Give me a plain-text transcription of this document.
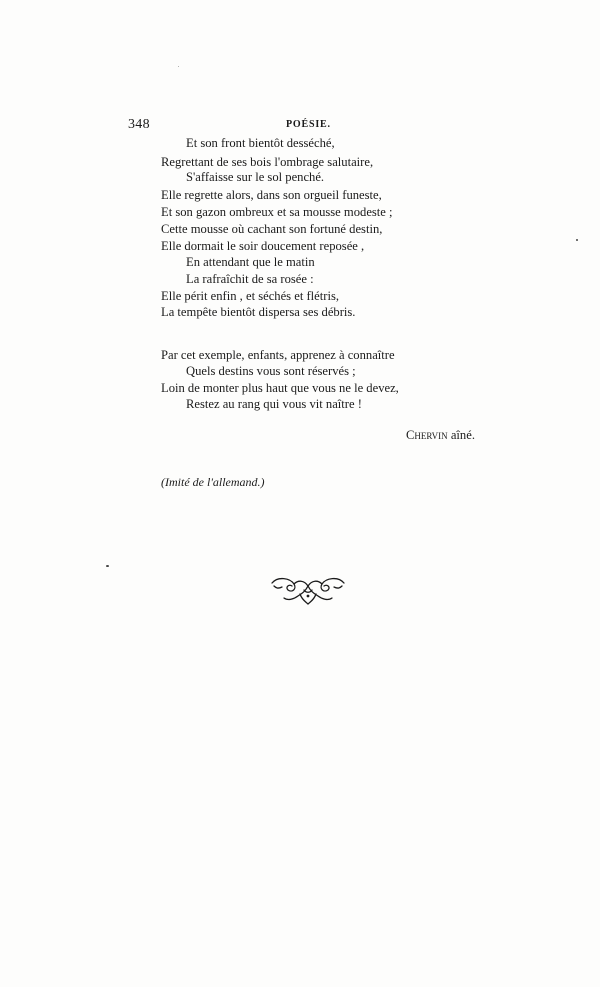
348	POÉSIE.
Et son front bientôt desséché,
Regrettant de ses bois l'ombrage salutaire,
S'affaisse sur le sol penché.
Elle regrette alors, dans son orgueil funeste,
Et son gazon ombreux et sa mousse modeste ;
Cette mousse où cachant son fortuné destin,
Elle dormait le soir doucement reposée ,
En attendant que le matin
La rafraîchit de sa rosée :
Elle périt enfin , et séchés et flétris,
La tempête bientôt dispersa ses débris.
Par cet exemple, enfants, apprenez à connaître
Quels destins vous sont réservés ;
Loin de monter plus haut que vous ne le devez,
Restez au rang qui vous vit naître !
Chervin aîné.
(Imité de l'allemand.)
